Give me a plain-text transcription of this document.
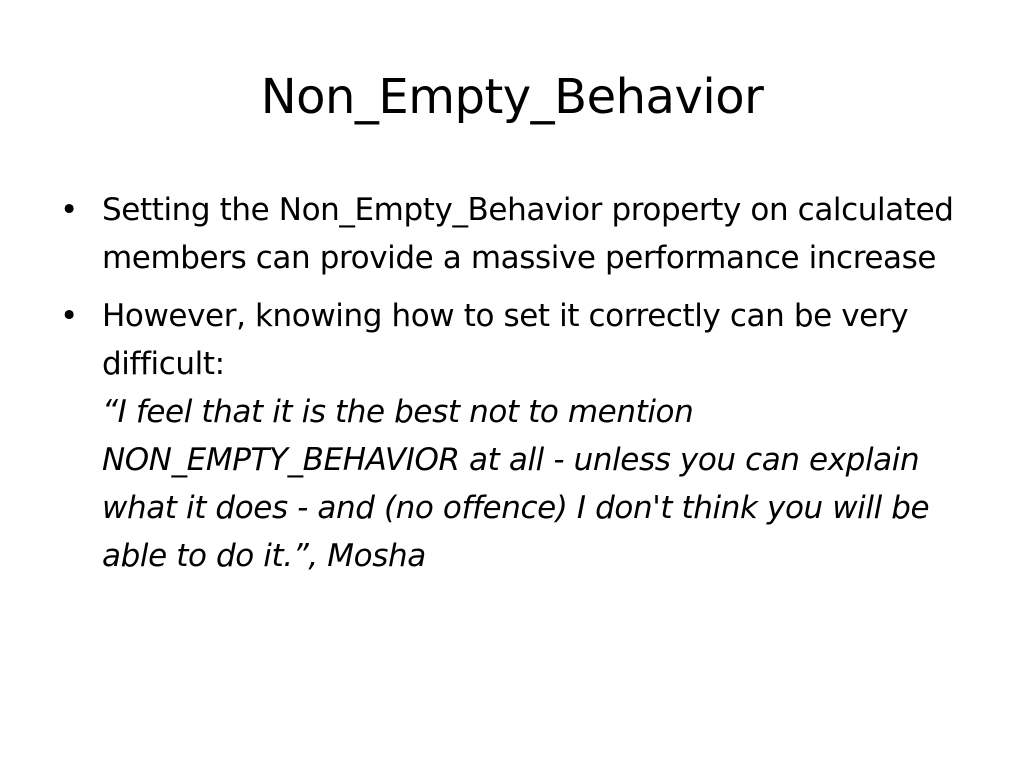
Non_Empty_Behavior
• Setting the Non_Empty_Behavior property on calculated members can provide a massive performance increase
• However, knowing how to set it correctly can be very difficult:
“I feel that it is the best not to mention NON_EMPTY_BEHAVIOR at all - unless you can explain what it does - and (no offence) I don't think you will be able to do it.”, Mosha
